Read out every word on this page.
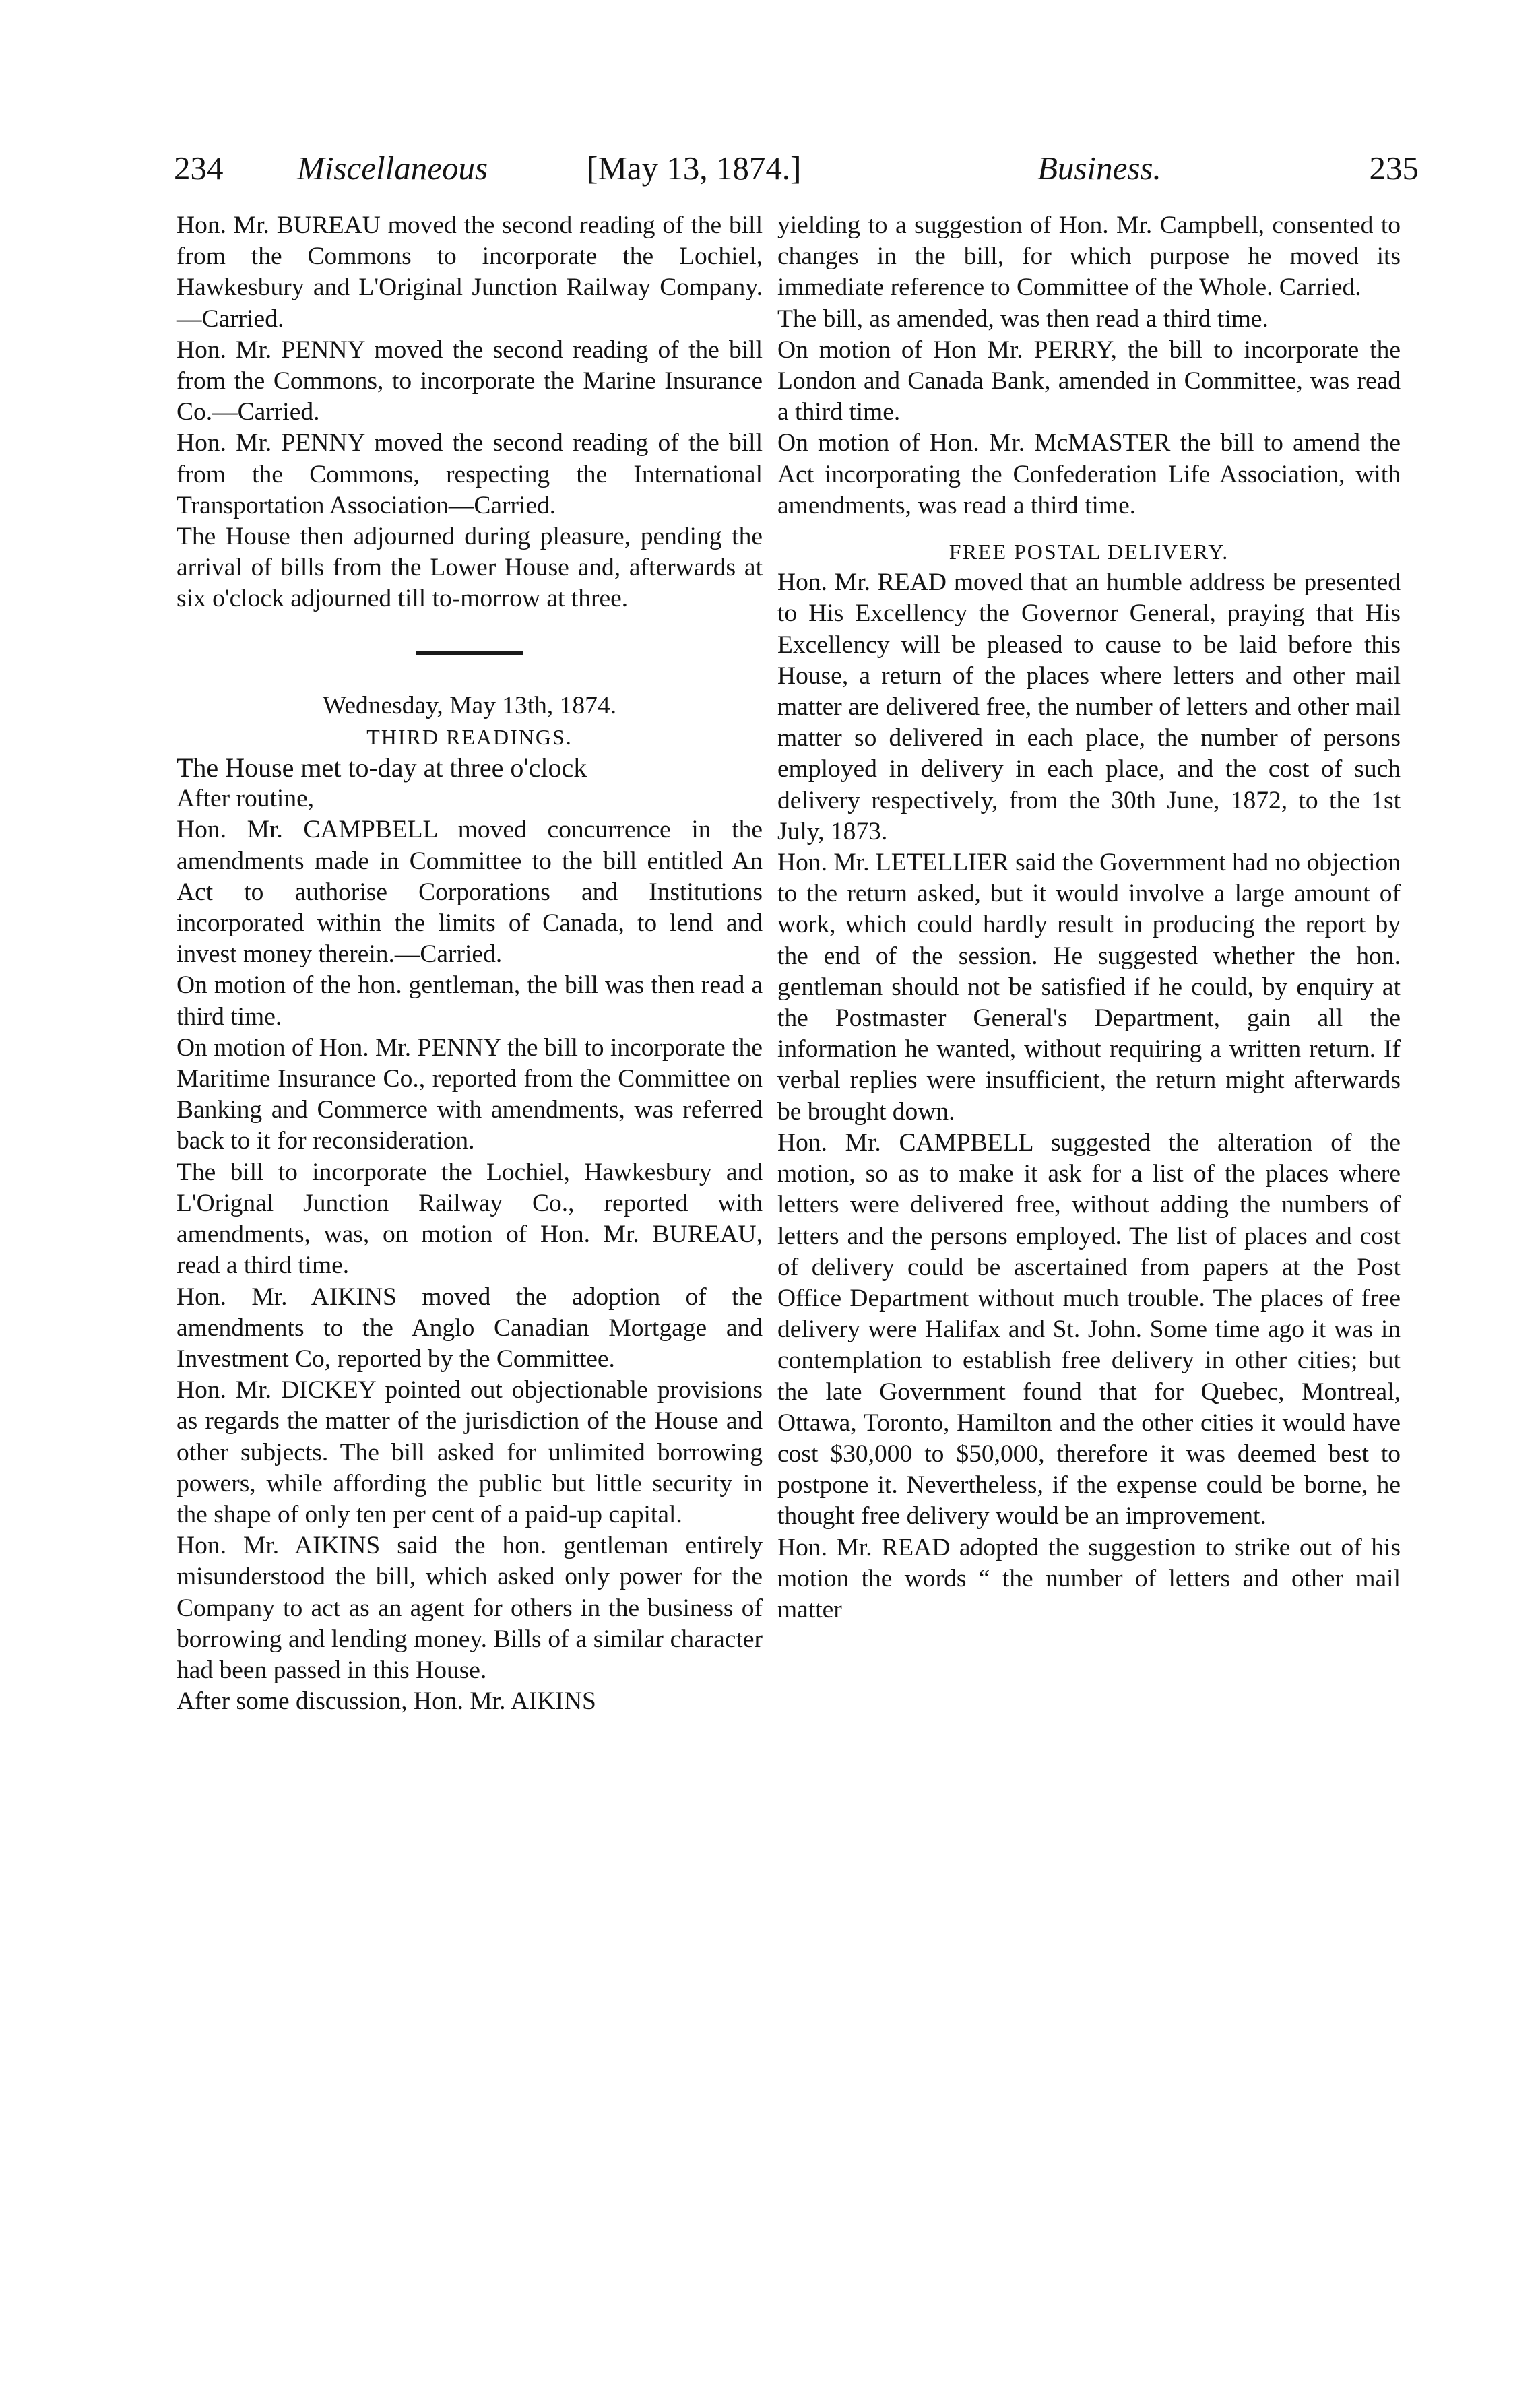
234 Miscellaneous	[May 13, 1874.]	Business.	235

Hon. Mr. BUREAU moved the second reading of the bill from the Commons to incorporate the Lochiel, Hawkesbury and L'Original Junction Railway Company.—Carried.

Hon. Mr. PENNY moved the second reading of the bill from the Commons, to incorporate the Marine Insurance Co.—Carried.

Hon. Mr. PENNY moved the second reading of the bill from the Commons, respecting the International Transportation Association—Carried.

The House then adjourned during pleasure, pending the arrival of bills from the Lower House and, afterwards at six o'clock adjourned till to-morrow at three.

Wednesday, May 13th, 1874.

THIRD READINGS.

The House met to-day at three o'clock

After routine,

Hon. Mr. CAMPBELL moved concurrence in the amendments made in Committee to the bill entitled An Act to authorise Corporations and Institutions incorporated within the limits of Canada, to lend and invest money therein.—Carried.

On motion of the hon. gentleman, the bill was then read a third time.

On motion of Hon. Mr. PENNY the bill to incorporate the Maritime Insurance Co., reported from the Committee on Banking and Commerce with amendments, was referred back to it for reconsideration.

The bill to incorporate the Lochiel, Hawkesbury and L'Orignal Junction Railway Co., reported with amendments, was, on motion of Hon. Mr. BUREAU, read a third time.

Hon. Mr. AIKINS moved the adoption of the amendments to the Anglo Canadian Mortgage and Investment Co, reported by the Committee.

Hon. Mr. DICKEY pointed out objectionable provisions as regards the matter of the jurisdiction of the House and other subjects. The bill asked for unlimited borrowing powers, while affording the public but little security in the shape of only ten per cent of a paid-up capital.

Hon. Mr. AIKINS said the hon. gentleman entirely misunderstood the bill, which asked only power for the Company to act as an agent for others in the business of borrowing and lending money. Bills of a similar character had been passed in this House.

After some discussion, Hon. Mr. AIKINS

yielding to a suggestion of Hon. Mr. Campbell, consented to changes in the bill, for which purpose he moved its immediate reference to Committee of the Whole. Carried.

The bill, as amended, was then read a third time.

On motion of Hon Mr. PERRY, the bill to incorporate the London and Canada Bank, amended in Committee, was read a third time.

On motion of Hon. Mr. McMASTER the bill to amend the Act incorporating the Confederation Life Association, with amendments, was read a third time.

FREE POSTAL DELIVERY.

Hon. Mr. READ moved that an humble address be presented to His Excellency the Governor General, praying that His Excellency will be pleased to cause to be laid before this House, a return of the places where letters and other mail matter are delivered free, the number of letters and other mail matter so delivered in each place, the number of persons employed in delivery in each place, and the cost of such delivery respectively, from the 30th June, 1872, to the 1st July, 1873.

Hon. Mr. LETELLIER said the Government had no objection to the return asked, but it would involve a large amount of work, which could hardly result in producing the report by the end of the session. He suggested whether the hon. gentleman should not be satisfied if he could, by enquiry at the Postmaster General's Department, gain all the information he wanted, without requiring a written return. If verbal replies were insufficient, the return might afterwards be brought down.

Hon. Mr. CAMPBELL suggested the alteration of the motion, so as to make it ask for a list of the places where letters were delivered free, without adding the numbers of letters and the persons employed. The list of places and cost of delivery could be ascertained from papers at the Post Office Department without much trouble. The places of free delivery were Halifax and St. John. Some time ago it was in contemplation to establish free delivery in other cities; but the late Government found that for Quebec, Montreal, Ottawa, Toronto, Hamilton and the other cities it would have cost $30,000 to $50,000, therefore it was deemed best to postpone it. Nevertheless, if the expense could be borne, he thought free delivery would be an improvement.

Hon. Mr. READ adopted the suggestion to strike out of his motion the words “ the number of letters and other mail matter
